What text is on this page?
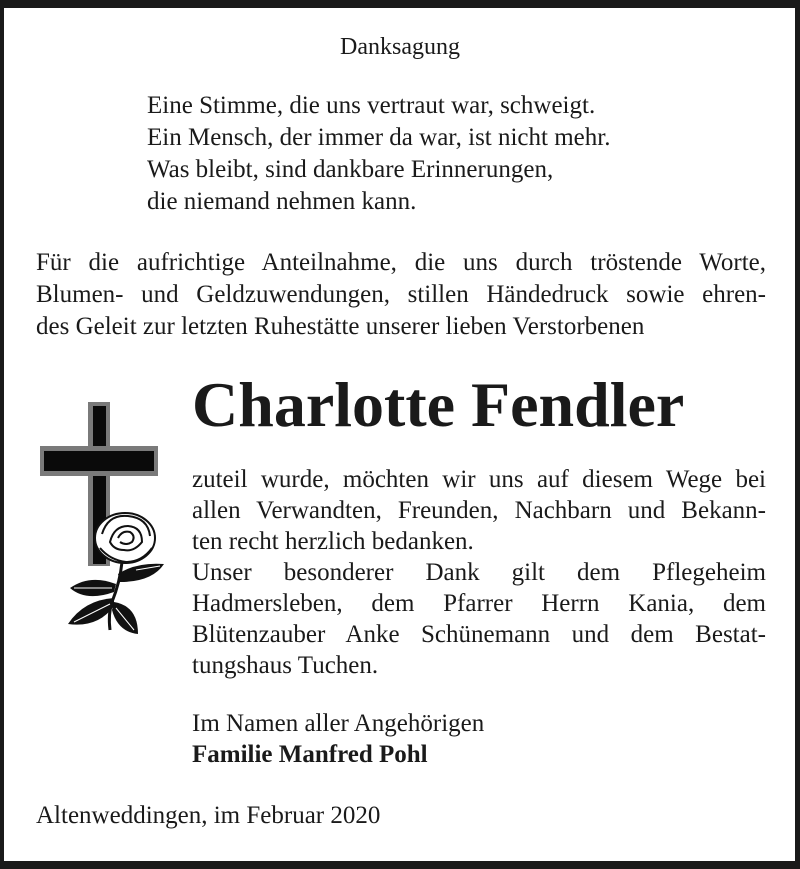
Danksagung
Eine Stimme, die uns vertraut war, schweigt.
Ein Mensch, der immer da war, ist nicht mehr.
Was bleibt, sind dankbare Erinnerungen,
die niemand nehmen kann.
Für die aufrichtige Anteilnahme, die uns durch tröstende Worte,
Blumen- und Geldzuwendungen, stillen Händedruck sowie ehren-
des Geleit zur letzten Ruhestätte unserer lieben Verstorbenen
Charlotte Fendler
zuteil wurde, möchten wir uns auf diesem Wege bei
allen Verwandten, Freunden, Nachbarn und Bekann-
ten recht herzlich bedanken.
Unser besonderer Dank gilt dem Pflegeheim
Hadmersleben, dem Pfarrer Herrn Kania, dem
Blütenzauber Anke Schünemann und dem Bestat-
tungshaus Tuchen.
Im Namen aller Angehörigen
Familie Manfred Pohl
Altenweddingen, im Februar 2020
